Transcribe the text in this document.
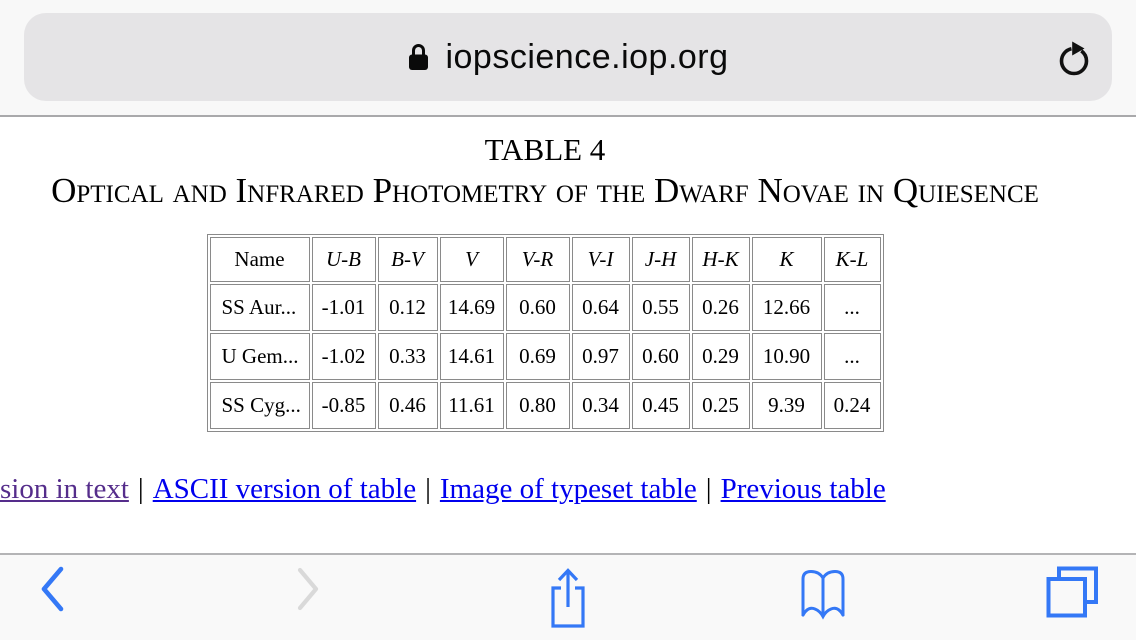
iopscience.iop.org
TABLE 4
Optical and Infrared Photometry of the Dwarf Novae in Quiesence
Name	U-B	B-V	V	V-R	V-I	J-H	H-K	K	K-L
SS Aur...	-1.01	0.12	14.69	0.60	0.64	0.55	0.26	12.66	...
U Gem...	-1.02	0.33	14.61	0.69	0.97	0.60	0.29	10.90	...
SS Cyg...	-0.85	0.46	11.61	0.80	0.34	0.45	0.25	9.39	0.24
sion in text | ASCII version of table | Image of typeset table | Previous table
